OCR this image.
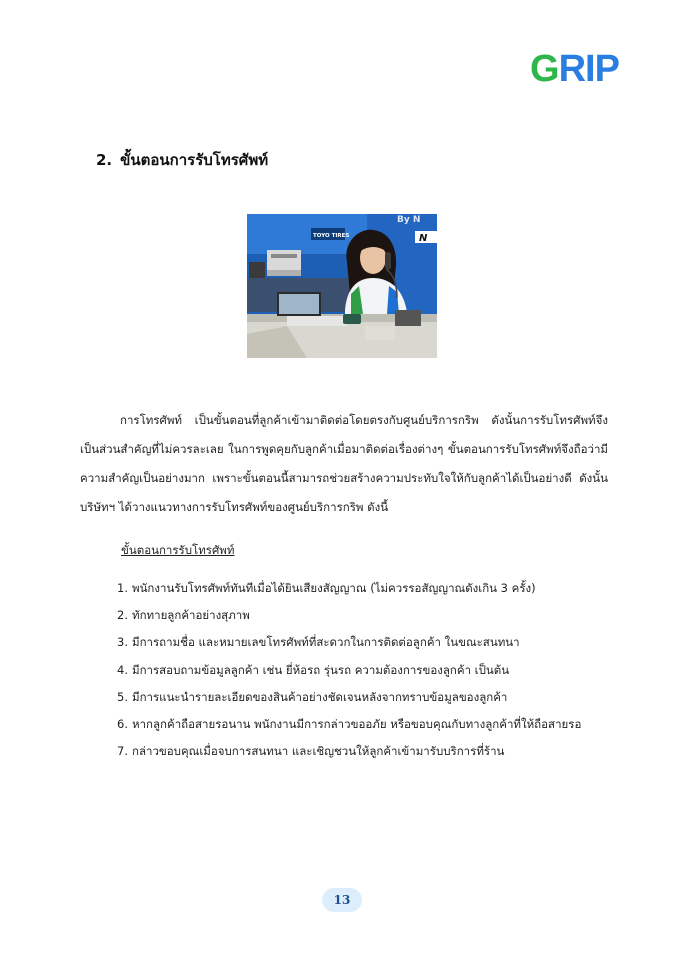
GRIP
2. ขั้นตอนการรับโทรศัพท์
By N
TOYO TIRES	N
การโทรศัพท์ เป็นขั้นตอนที่ลูกค้าเข้ามาติดต่อโดยตรงกับศูนย์บริการกริพ ดังนั้นการรับโทรศัพท์จึงเป็นส่วนสำคัญที่ไม่ควรละเลย ในการพูดคุยกับลูกค้าเมื่อมาติดต่อเรื่องต่างๆ ขั้นตอนการรับโทรศัพท์จึงถือว่ามีความสำคัญเป็นอย่างมาก เพราะขั้นตอนนี้สามารถช่วยสร้างความประทับใจให้กับลูกค้าได้เป็นอย่างดี ดังนั้นบริษัทฯ ได้วางแนวทางการรับโทรศัพท์ของศูนย์บริการกริพ ดังนี้
ขั้นตอนการรับโทรศัพท์
1. พนักงานรับโทรศัพท์ทันทีเมื่อได้ยินเสียงสัญญาณ (ไม่ควรรอสัญญาณดังเกิน 3 ครั้ง)
2. ทักทายลูกค้าอย่างสุภาพ
3. มีการถามชื่อ และหมายเลขโทรศัพท์ที่สะดวกในการติดต่อลูกค้า ในขณะสนทนา
4. มีการสอบถามข้อมูลลูกค้า เช่น ยี่ห้อรถ รุ่นรถ ความต้องการของลูกค้า เป็นต้น
5. มีการแนะนำรายละเอียดของสินค้าอย่างชัดเจนหลังจากทราบข้อมูลของลูกค้า
6. หากลูกค้าถือสายรอนาน พนักงานมีการกล่าวขออภัย หรือขอบคุณกับทางลูกค้าที่ให้ถือสายรอ
7. กล่าวขอบคุณเมื่อจบการสนทนา และเชิญชวนให้ลูกค้าเข้ามารับบริการที่ร้าน
13
